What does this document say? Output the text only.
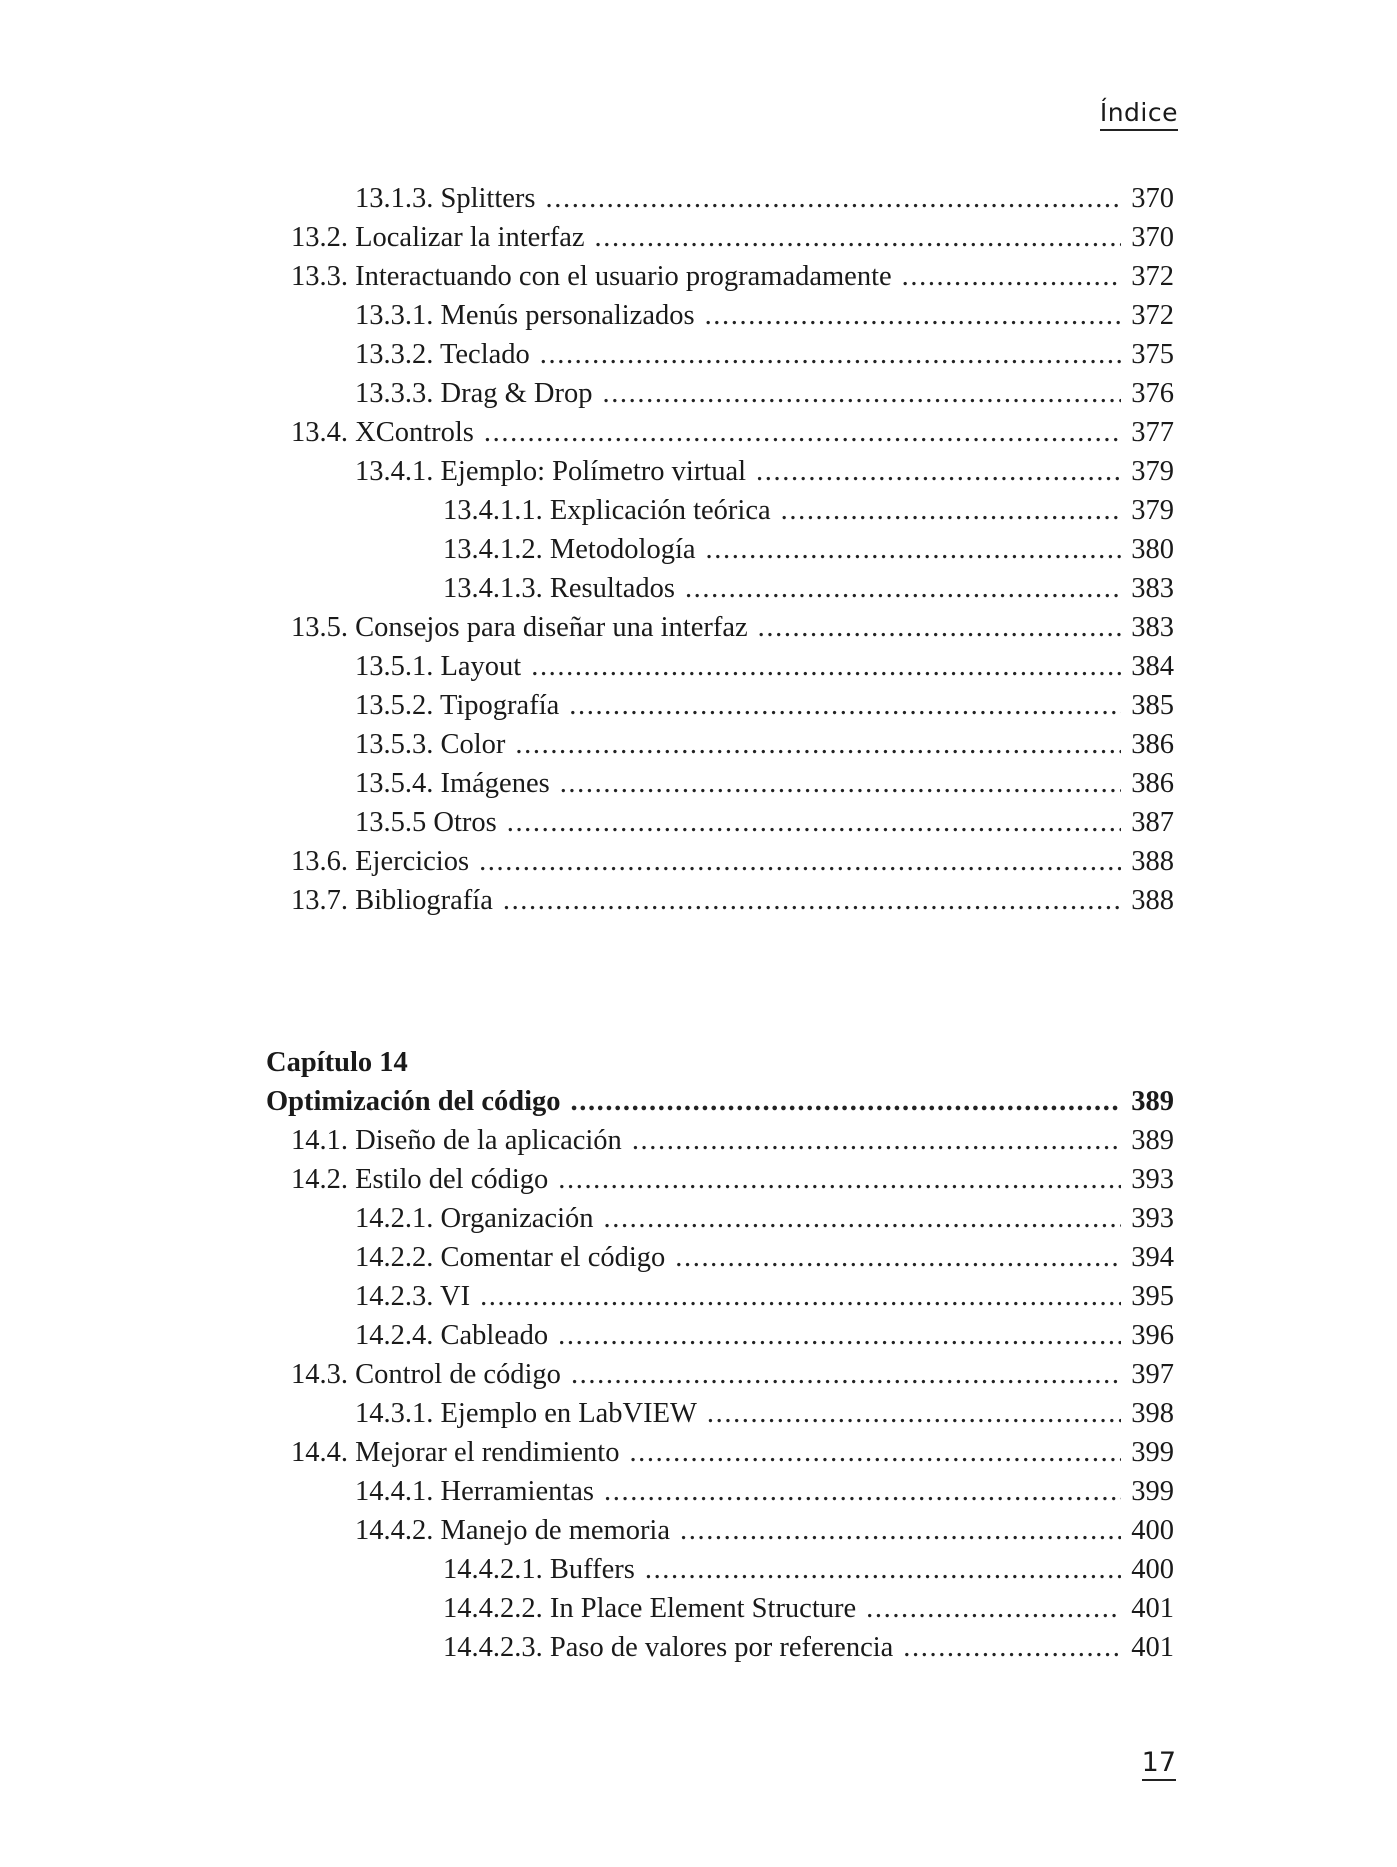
Índice
13.1.3. Splitters .....	370
13.2. Localizar la interfaz .....	370
13.3. Interactuando con el usuario programadamente .....	372
13.3.1. Menús personalizados .....	372
13.3.2. Teclado .....	375
13.3.3. Drag & Drop .....	376
13.4. XControls .....	377
13.4.1. Ejemplo: Polímetro virtual .....	379
13.4.1.1. Explicación teórica .....	379
13.4.1.2. Metodología .....	380
13.4.1.3. Resultados .....	383
13.5. Consejos para diseñar una interfaz .....	383
13.5.1. Layout .....	384
13.5.2. Tipografía .....	385
13.5.3. Color .....	386
13.5.4. Imágenes .....	386
13.5.5 Otros .....	387
13.6. Ejercicios .....	388
13.7. Bibliografía .....	388
Capítulo 14
Optimización del código .....	389
14.1. Diseño de la aplicación .....	389
14.2. Estilo del código .....	393
14.2.1. Organización .....	393
14.2.2. Comentar el código .....	394
14.2.3. VI .....	395
14.2.4. Cableado .....	396
14.3. Control de código .....	397
14.3.1. Ejemplo en LabVIEW .....	398
14.4. Mejorar el rendimiento .....	399
14.4.1. Herramientas .....	399
14.4.2. Manejo de memoria .....	400
14.4.2.1. Buffers .....	400
14.4.2.2. In Place Element Structure .....	401
14.4.2.3. Paso de valores por referencia .....	401
17
